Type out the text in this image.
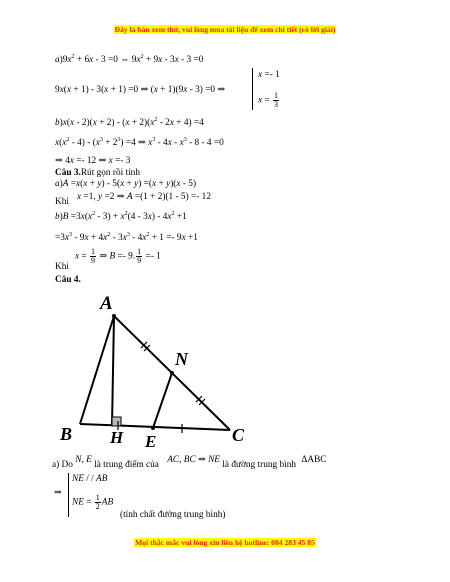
Đây là bản xem thử, vui lòng mua tài liệu để xem chi tiết (có lời giải)
$a)9x^2 + 6x - 3 =0$ ⇔ $9x^2 + 9x - 3x - 3 =0$
9x(x + 1) - 3(x + 1) =0 ⇒ (x + 1)(9x - 3) =0 ⇒
x =- 1
$x = \frac{1}{3}$
$b)x(x - 2)(x + 2) - (x + 2)(x^2 - 2x + 4) =4$
$x(x^2 - 4) - (x^3 + 2^3) =4$ ⇒ $x^3 - 4x - x^3 - 8 - 4 =0$
⇒ 4x =- 12 ⇒ x =- 3
Câu 3.Rút gọn rồi tính
a)A =x(x + y) - 5(x + y) =(x + y)(x - 5)
Khi x =1, y =2 ⇒ A =(1 + 2)(1 - 5) =- 12
$b)B =3x(x^2 - 3) + x^2(4 - 3x) - 4x^2 +1$
$=3x^3 - 9x + 4x^2 - 3x^3 - 4x^2 + 1 =- 9x +1$
Khi
$x = \frac{1}{9}$ ⇒ B =- 9. $\frac{1}{9} =- 1$
Câu 4.
A
N
B H E	C
a) Do N, E là trung điểm của AC, BC ⇒ NE là đường trung bình ΔABC
⇒
NE / / AB
NE = $\frac{1}{2}$ AB
(tính chất đường trung bình)
Mọi thắc mắc vui lòng xin liên hệ hotline: 084 283 45 85
